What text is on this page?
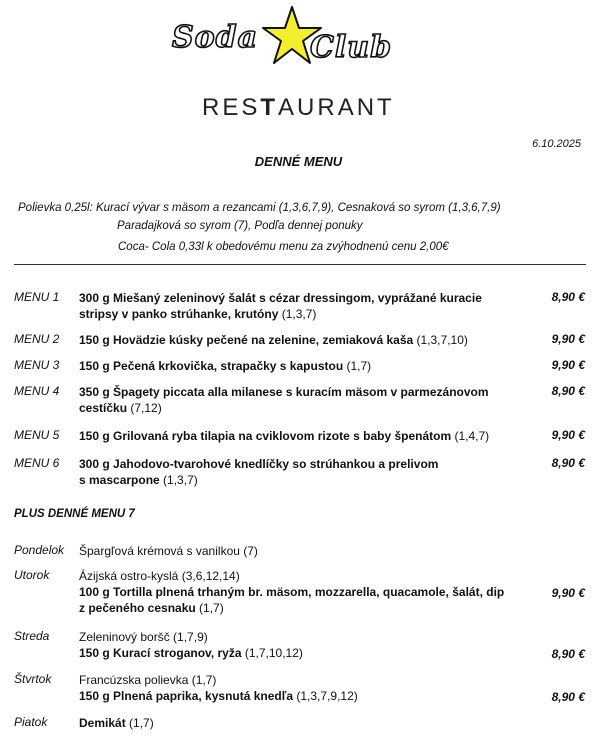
Soda Club
RESTAURANT
6.10.2025
DENNÉ MENU
Polievka 0,25l: Kurací vývar s mäsom a rezancami (1,3,6,7,9), Cesnaková so syrom (1,3,6,7,9)
Paradajková so syrom (7), Podľa dennej ponuky
Coca- Cola 0,33l k obedovému menu za zvýhodnenú cenu 2,00€
MENU 1 300 g Miešaný zeleninový šalát s cézar dressingom, vyprážané kuracie
stripsy v panko strúhanke, krutóny (1,3,7)
8,90 €
MENU 2 150 g Hovädzie kúsky pečené na zelenine, zemiaková kaša (1,3,7,10)	9,90 €
MENU 3 150 g Pečená krkovička, strapačky s kapustou (1,7)	9,90 €
MENU 4 350 g Špagety piccata alla milanese s kuracím mäsom v parmezánovom
cestíčku (7,12)
8,90 €
MENU 5 150 g Grilovaná ryba tilapia na cviklovom rizote s baby špenátom (1,4,7)	9,90 €
MENU 6 300 g Jahodovo-tvarohové knedlíčky so strúhankou a prelivom
s mascarpone (1,3,7)
8,90 €
PLUS DENNÉ MENU 7
Pondelok Špargľová krémová s vanilkou (7)
Utorok Ázijská ostro-kyslá (3,6,12,14)
100 g Tortilla plnená trhaným br. mäsom, mozzarella, quacamole, šalát, dip
z pečeného cesnaku (1,7)
9,90 €
Streda Zeleninový boršč (1,7,9)
150 g Kurací stroganov, ryža (1,7,10,12)	8,90 €
Štvrtok Francúzska polievka (1,7)
150 g Plnená paprika, kysnutá knedľa (1,3,7,9,12)	8,90 €
Piatok	Demikát (1,7)
